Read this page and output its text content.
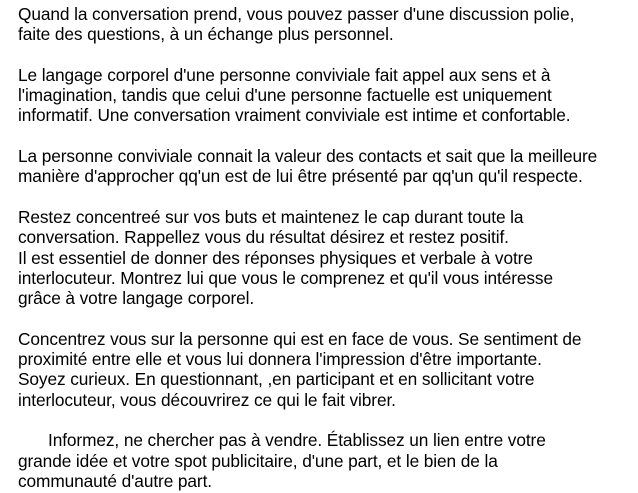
Quand la conversation prend, vous pouvez passer d'une discussion polie,
faite des questions, à un échange plus personnel.
Le langage corporel d'une personne conviviale fait appel aux sens et à
l'imagination, tandis que celui d'une personne factuelle est uniquement
informatif. Une conversation vraiment conviviale est intime et confortable.
La personne conviviale connait la valeur des contacts et sait que la meilleure
manière d'approcher qq'un est de lui être présenté par qq'un qu'il respecte.
Restez concentreé sur vos buts et maintenez le cap durant toute la
conversation. Rappellez vous du résultat désirez et restez positif.
Il est essentiel de donner des réponses physiques et verbale à votre
interlocuteur. Montrez lui que vous le comprenez et qu'il vous intéresse
grâce à votre langage corporel.
Concentrez vous sur la personne qui est en face de vous. Se sentiment de
proximité entre elle et vous lui donnera l'impression d'être importante.
Soyez curieux. En questionnant, ,en participant et en sollicitant votre
interlocuteur, vous découvrirez ce qui le fait vibrer.
Informez, ne chercher pas à vendre. Établissez un lien entre votre
grande idée et votre spot publicitaire, d'une part, et le bien de la
communauté d'autre part.
